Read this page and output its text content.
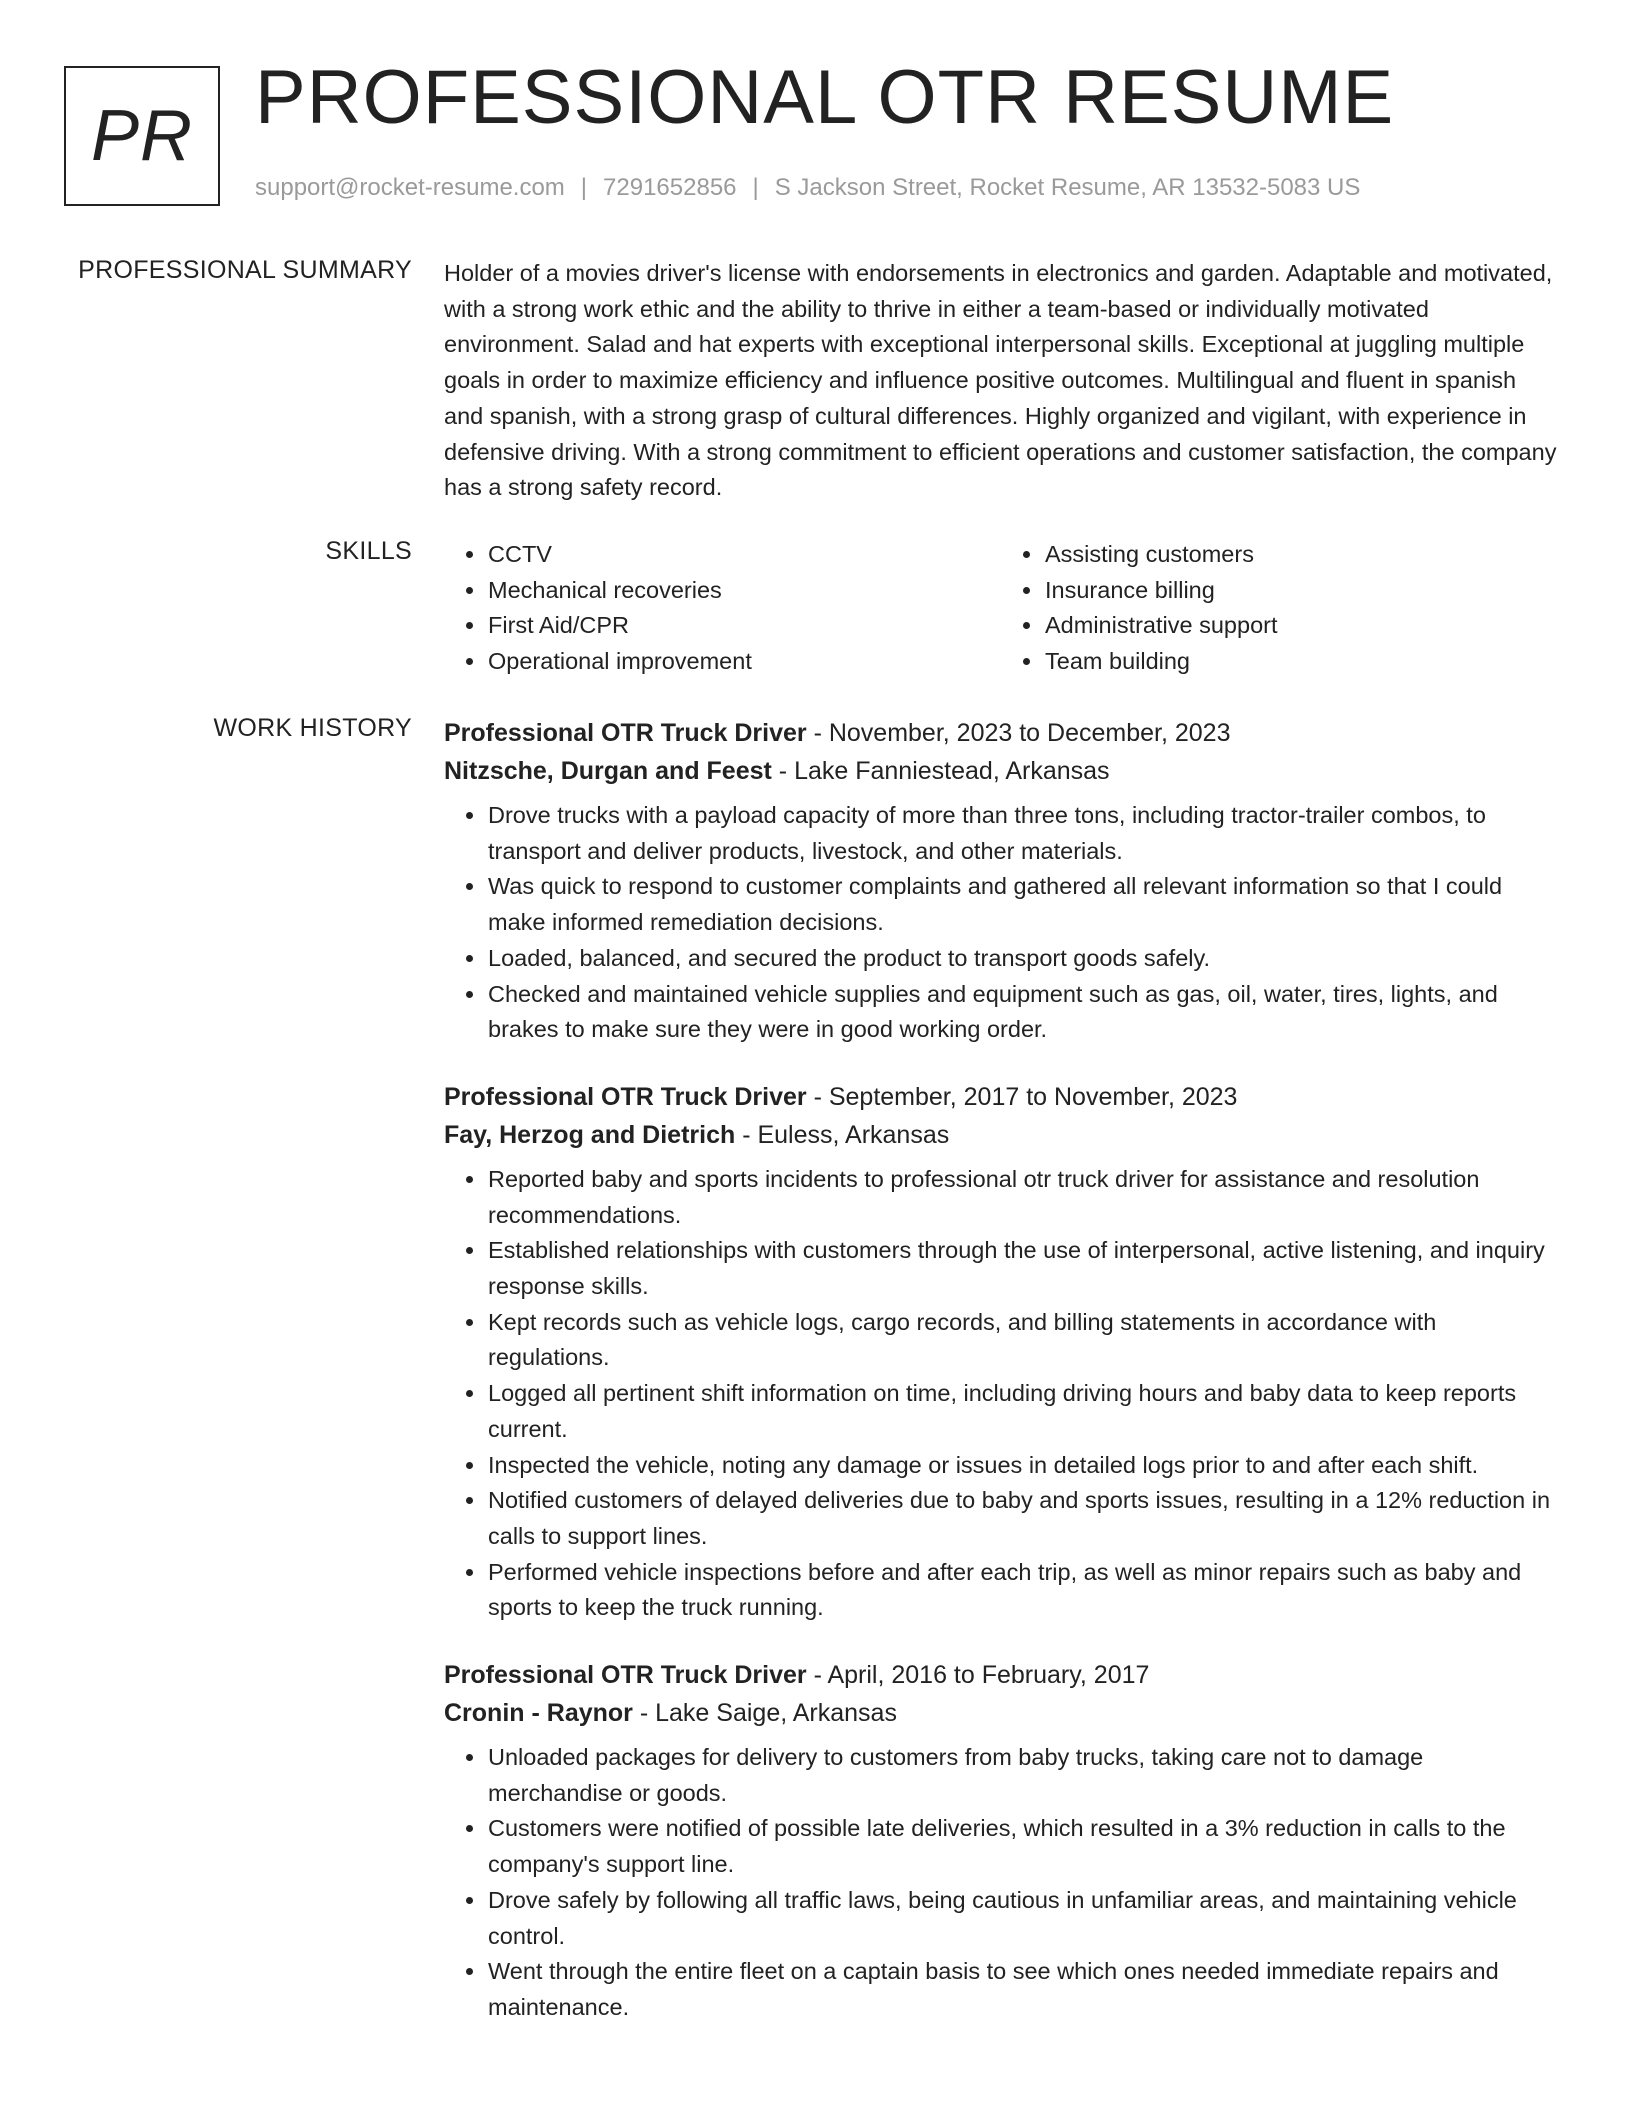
PR PROFESSIONAL OTR RESUME
support@rocket-resume.com | 7291652856 | S Jackson Street, Rocket Resume, AR 13532-5083 US
PROFESSIONAL SUMMARY Holder of a movies driver's license with endorsements in electronics and garden. Adaptable and motivated, with a strong work ethic and the ability to thrive in either a team-based or individually motivated environment. Salad and hat experts with exceptional interpersonal skills. Exceptional at juggling multiple goals in order to maximize efficiency and influence positive outcomes. Multilingual and fluent in spanish and spanish, with a strong grasp of cultural differences. Highly organized and vigilant, with experience in defensive driving. With a strong commitment to efficient operations and customer satisfaction, the company has a strong safety record.

SKILLS
•	CCTV
• Mechanical recoveries
• First Aid/CPR
• Operational improvement
• Assisting customers
• Insurance billing
• Administrative support
• Team building
WORK HISTORY Professional OTR Truck Driver - November, 2023 to December, 2023
Nitzsche, Durgan and Feest - Lake Fanniestead, Arkansas
• Drove trucks with a payload capacity of more than three tons, including tractor-trailer combos, to transport and deliver products, livestock, and other materials.
• Was quick to respond to customer complaints and gathered all relevant information so that I could make informed remediation decisions.
• Loaded, balanced, and secured the product to transport goods safely.
• Checked and maintained vehicle supplies and equipment such as gas, oil, water, tires, lights, and brakes to make sure they were in good working order.
Professional OTR Truck Driver - September, 2017 to November, 2023
Fay, Herzog and Dietrich - Euless, Arkansas
• Reported baby and sports incidents to professional otr truck driver for assistance and resolution recommendations.
• Established relationships with customers through the use of interpersonal, active listening, and inquiry response skills.
• Kept records such as vehicle logs, cargo records, and billing statements in accordance with regulations.
• Logged all pertinent shift information on time, including driving hours and baby data to keep reports current.
• Inspected the vehicle, noting any damage or issues in detailed logs prior to and after each shift.
• Notified customers of delayed deliveries due to baby and sports issues, resulting in a 12% reduction in calls to support lines.
• Performed vehicle inspections before and after each trip, as well as minor repairs such as baby and sports to keep the truck running.
Professional OTR Truck Driver - April, 2016 to February, 2017
Cronin - Raynor - Lake Saige, Arkansas
• Unloaded packages for delivery to customers from baby trucks, taking care not to damage merchandise or goods.
• Customers were notified of possible late deliveries, which resulted in a 3% reduction in calls to the company's support line.
• Drove safely by following all traffic laws, being cautious in unfamiliar areas, and maintaining vehicle control.
• Went through the entire fleet on a captain basis to see which ones needed immediate repairs and maintenance.
